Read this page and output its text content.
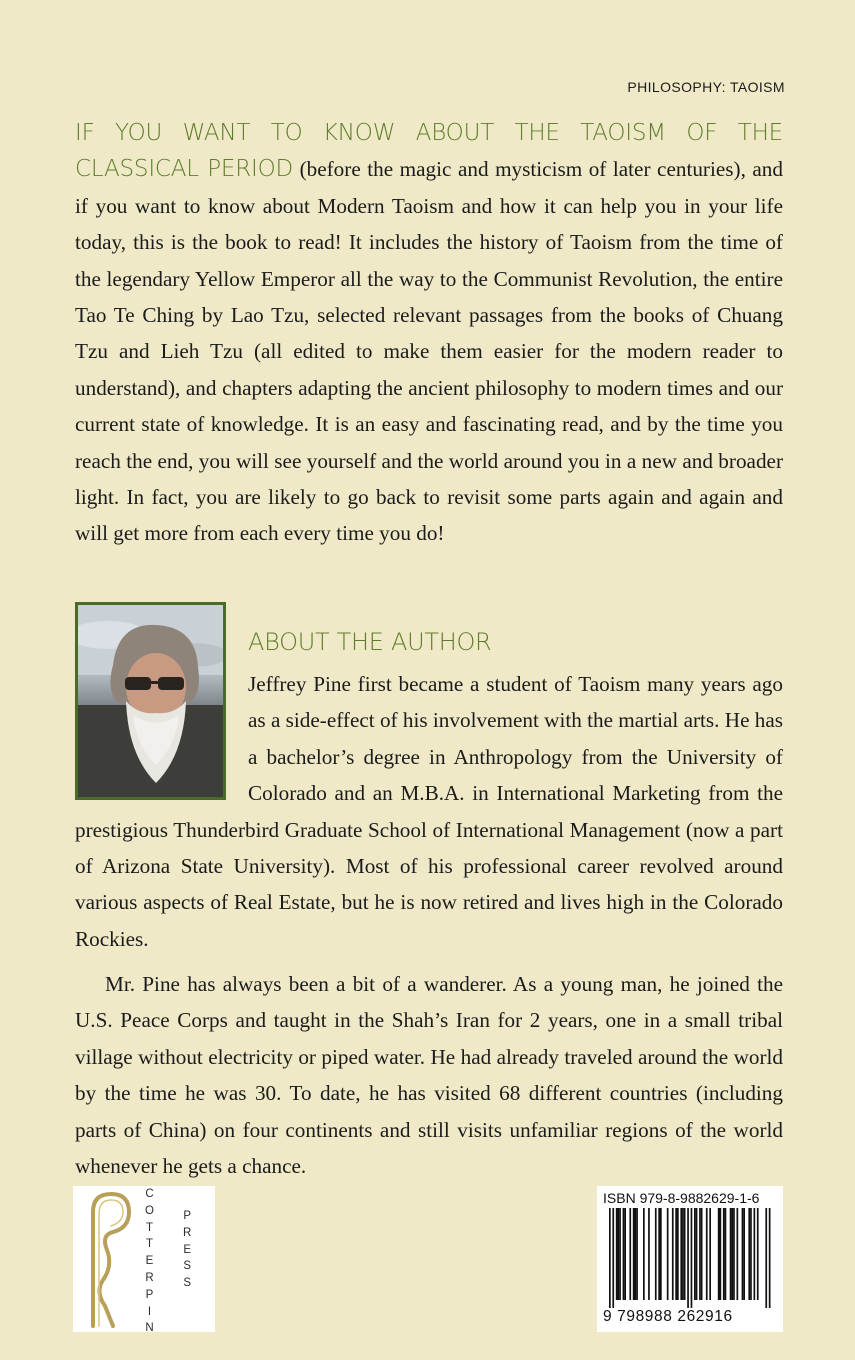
PHILOSOPHY: TAOISM

IF YOU WANT TO KNOW ABOUT THE TAOISM OF THE CLASSICAL PERIOD (before the magic and mysticism of later centuries), and if you want to know about Modern Taoism and how it can help you in your life today, this is the book to read! It includes the history of Taoism from the time of the legendary Yellow Emperor all the way to the Communist Revolution, the entire Tao Te Ching by Lao Tzu, selected relevant passages from the books of Chuang Tzu and Lieh Tzu (all edited to make them easier for the modern reader to understand), and chapters adapting the ancient philosophy to modern times and our current state of knowledge. It is an easy and fascinating read, and by the time you reach the end, you will see yourself and the world around you in a new and broader light. In fact, you are likely to go back to revisit some parts again and again and will get more from each every time you do!

ABOUT THE AUTHOR

Jeffrey Pine first became a student of Taoism many years ago as a side-effect of his involvement with the martial arts. He has a bachelor’s degree in Anthropology from the University of Colorado and an M.B.A. in International Marketing from the prestigious Thunderbird Graduate School of International Management (now a part of Arizona State University). Most of his professional career revolved around various aspects of Real Estate, but he is now retired and lives high in the Colorado Rockies.

Mr. Pine has always been a bit of a wanderer. As a young man, he joined the U.S. Peace Corps and taught in the Shah’s Iran for 2 years, one in a small tribal village without electricity or piped water. He had already traveled around the world by the time he was 30. To date, he has visited 68 different countries (including parts of China) on four continents and still visits unfamiliar regions of the world whenever he gets a chance.

C
O
T
T
E
R
P
I
N
P
R
E
S
S
ISBN 979-8-9882629-1-6
9 798988 262916
